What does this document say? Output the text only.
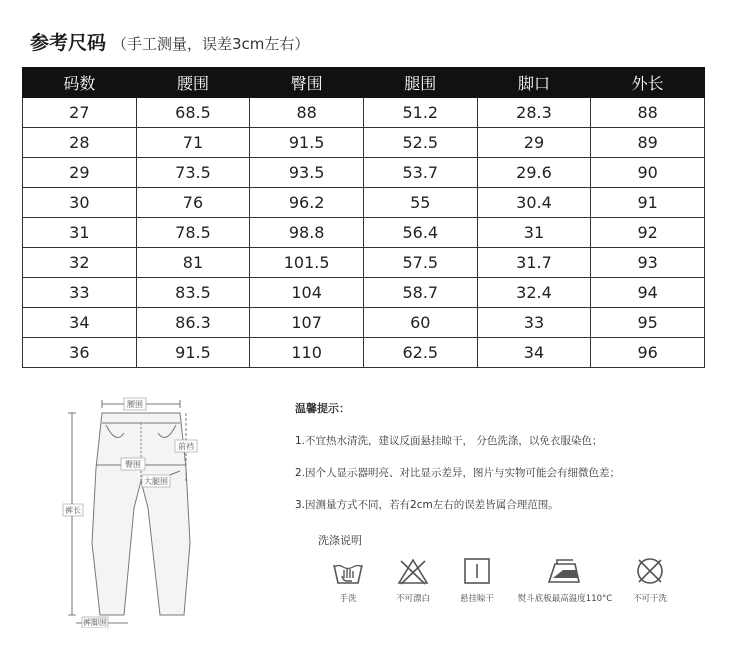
参考尺码 （手工测量，误差3cm左右）
码数	腰围	臀围	腿围	脚口	外长
27	68.5	88	51.2	28.3	88
28	71	91.5	52.5	29	89
29	73.5	93.5	53.7	29.6	90
30	76	96.2	55	30.4	91
31	78.5	98.8	56.4	31	92
32	81	101.5	57.5	31.7	93
33	83.5	104	58.7	32.4	94
34	86.3	107	60	33	95
36	91.5	110	62.5	34	96
腰围
前裆
臀围
大腿围
裤长
裤脚围
温馨提示：
1.不宜热水清洗，建议反面悬挂晾干， 分色洗涤，以免衣服染色；
2.因个人显示器明亮、对比显示差异，图片与实物可能会有细微色差；
3.因测量方式不同，若有2cm左右的误差皆属合理范围。
洗涤说明
手洗	不可漂白	悬挂晾干	熨斗底板最高温度110°C	不可干洗
